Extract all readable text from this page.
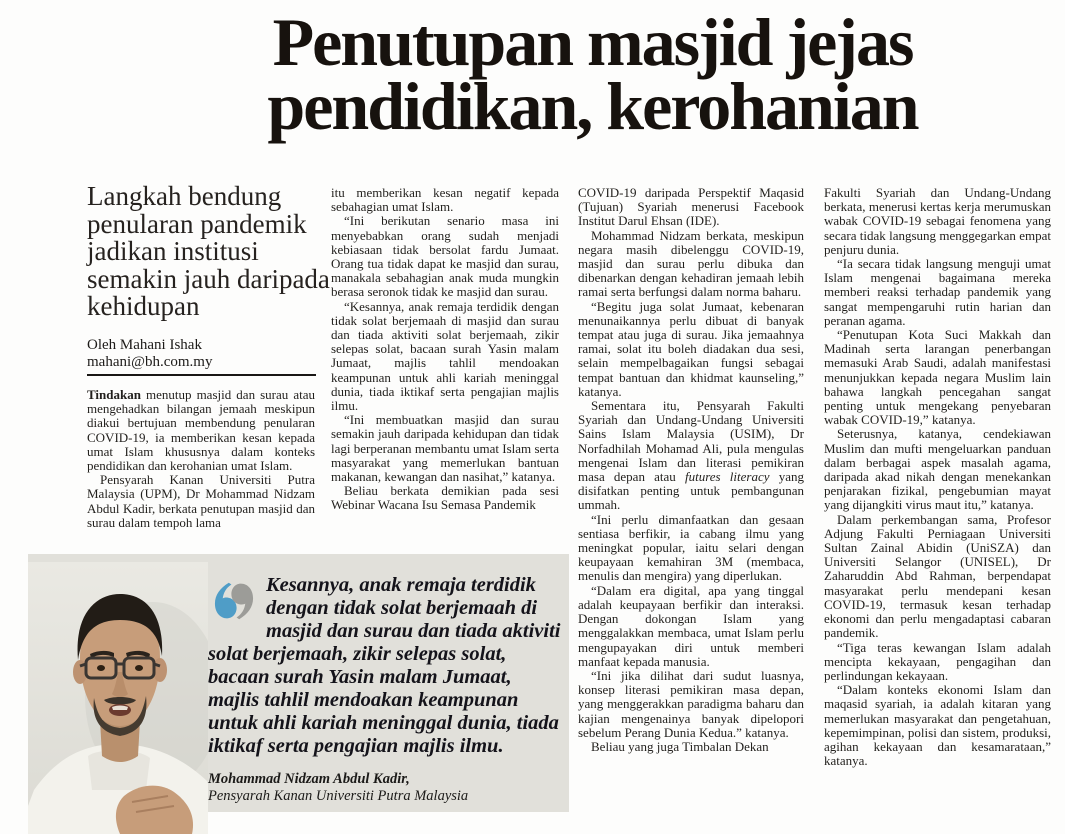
Penutupan masjid jejas
pendidikan, kerohanian
Langkah bendung penularan pandemik jadikan institusi semakin jauh daripada kehidupan
Oleh Mahani Ishak
mahani@bh.com.my

Tindakan menutup masjid dan surau atau mengehadkan bilangan jemaah meskipun diakui bertujuan membendung penularan COVID-19, ia memberikan kesan kepada umat Islam khususnya dalam konteks pendidikan dan kerohanian umat Islam.

Pensyarah Kanan Universiti Putra Malaysia (UPM), Dr Mohammad Nidzam Abdul Kadir, berkata penutupan masjid dan surau dalam tempoh lama

itu memberikan kesan negatif kepada sebahagian umat Islam.

“Ini berikutan senario masa ini menyebabkan orang sudah menjadi kebiasaan tidak bersolat fardu Jumaat. Orang tua tidak dapat ke masjid dan surau, manakala sebahagian anak muda mungkin berasa seronok tidak ke masjid dan surau.

“Kesannya, anak remaja terdidik dengan tidak solat berjemaah di masjid dan surau dan tiada aktiviti solat berjemaah, zikir selepas solat, bacaan surah Yasin malam Jumaat, majlis tahlil mendoakan keampunan untuk ahli kariah meninggal dunia, tiada iktikaf serta pengajian majlis ilmu.

“Ini membuatkan masjid dan surau semakin jauh daripada kehidupan dan tidak lagi berperanan membantu umat Islam serta masyarakat yang memerlukan bantuan makanan, kewangan dan nasihat,” katanya.

Beliau berkata demikian pada sesi Webinar Wacana Isu Semasa Pandemik

COVID-19 daripada Perspektif Maqasid (Tujuan) Syariah menerusi Facebook Institut Darul Ehsan (IDE).

Mohammad Nidzam berkata, meskipun negara masih dibelenggu COVID-19, masjid dan surau perlu dibuka dan dibenarkan dengan kehadiran jemaah lebih ramai serta berfungsi dalam norma baharu.

“Begitu juga solat Jumaat, kebenaran menunaikannya perlu dibuat di banyak tempat atau juga di surau. Jika jemaahnya ramai, solat itu boleh diadakan dua sesi, selain mempelbagaikan fungsi sebagai tempat bantuan dan khidmat kaunseling,” katanya.

Sementara itu, Pensyarah Fakulti Syariah dan Undang-Undang Universiti Sains Islam Malaysia (USIM), Dr Norfadhilah Mohamad Ali, pula mengulas mengenai Islam dan literasi pemikiran masa depan atau futures literacy yang disifatkan penting untuk pembangunan ummah.

“Ini perlu dimanfaatkan dan gesaan sentiasa berfikir, ia cabang ilmu yang meningkat popular, iaitu selari dengan keupayaan kemahiran 3M (membaca, menulis dan mengira) yang diperlukan.

“Dalam era digital, apa yang tinggal adalah keupayaan berfikir dan interaksi. Dengan dokongan Islam yang menggalakkan membaca, umat Islam perlu mengupayakan diri untuk memberi manfaat kepada manusia.

“Ini jika dilihat dari sudut luasnya, konsep literasi pemikiran masa depan, yang menggerakkan paradigma baharu dan kajian mengenainya banyak dipelopori sebelum Perang Dunia Kedua.” katanya.

Beliau yang juga Timbalan Dekan

Fakulti Syariah dan Undang-Undang berkata, menerusi kertas kerja merumuskan wabak COVID-19 sebagai fenomena yang secara tidak langsung menggegarkan empat penjuru dunia.

“Ia secara tidak langsung menguji umat Islam mengenai bagaimana mereka memberi reaksi terhadap pandemik yang sangat mempengaruhi rutin harian dan peranan agama.

“Penutupan Kota Suci Makkah dan Madinah serta larangan penerbangan memasuki Arab Saudi, adalah manifestasi menunjukkan kepada negara Muslim lain bahawa langkah pencegahan sangat penting untuk mengekang penyebaran wabak COVID-19,” katanya.

Seterusnya, katanya, cendekiawan Muslim dan mufti mengeluarkan panduan dalam berbagai aspek masalah agama, daripada akad nikah dengan menekankan penjarakan fizikal, pengebumian mayat yang dijangkiti virus maut itu,” katanya.

Dalam perkembangan sama, Profesor Adjung Fakulti Perniagaan Universiti Sultan Zainal Abidin (UniSZA) dan Universiti Selangor (UNISEL), Dr Zaharuddin Abd Rahman, berpendapat masyarakat perlu mendepani kesan COVID-19, termasuk kesan terhadap ekonomi dan perlu mengadaptasi cabaran pandemik.

“Tiga teras kewangan Islam adalah mencipta kekayaan, pengagihan dan perlindungan kekayaan.

“Dalam konteks ekonomi Islam dan maqasid syariah, ia adalah kitaran yang memerlukan masyarakat dan pengetahuan, kepemimpinan, polisi dan sistem, produksi, agihan kekayaan dan kesamarataan,” katanya.

Kesannya, anak remaja terdidik dengan tidak solat berjemaah di masjid dan surau dan tiada aktiviti solat berjemaah, zikir selepas solat, bacaan surah Yasin malam Jumaat, majlis tahlil mendoakan keampunan untuk ahli kariah meninggal dunia, tiada iktikaf serta pengajian majlis ilmu.
Mohammad Nidzam Abdul Kadir,
Pensyarah Kanan Universiti Putra Malaysia
